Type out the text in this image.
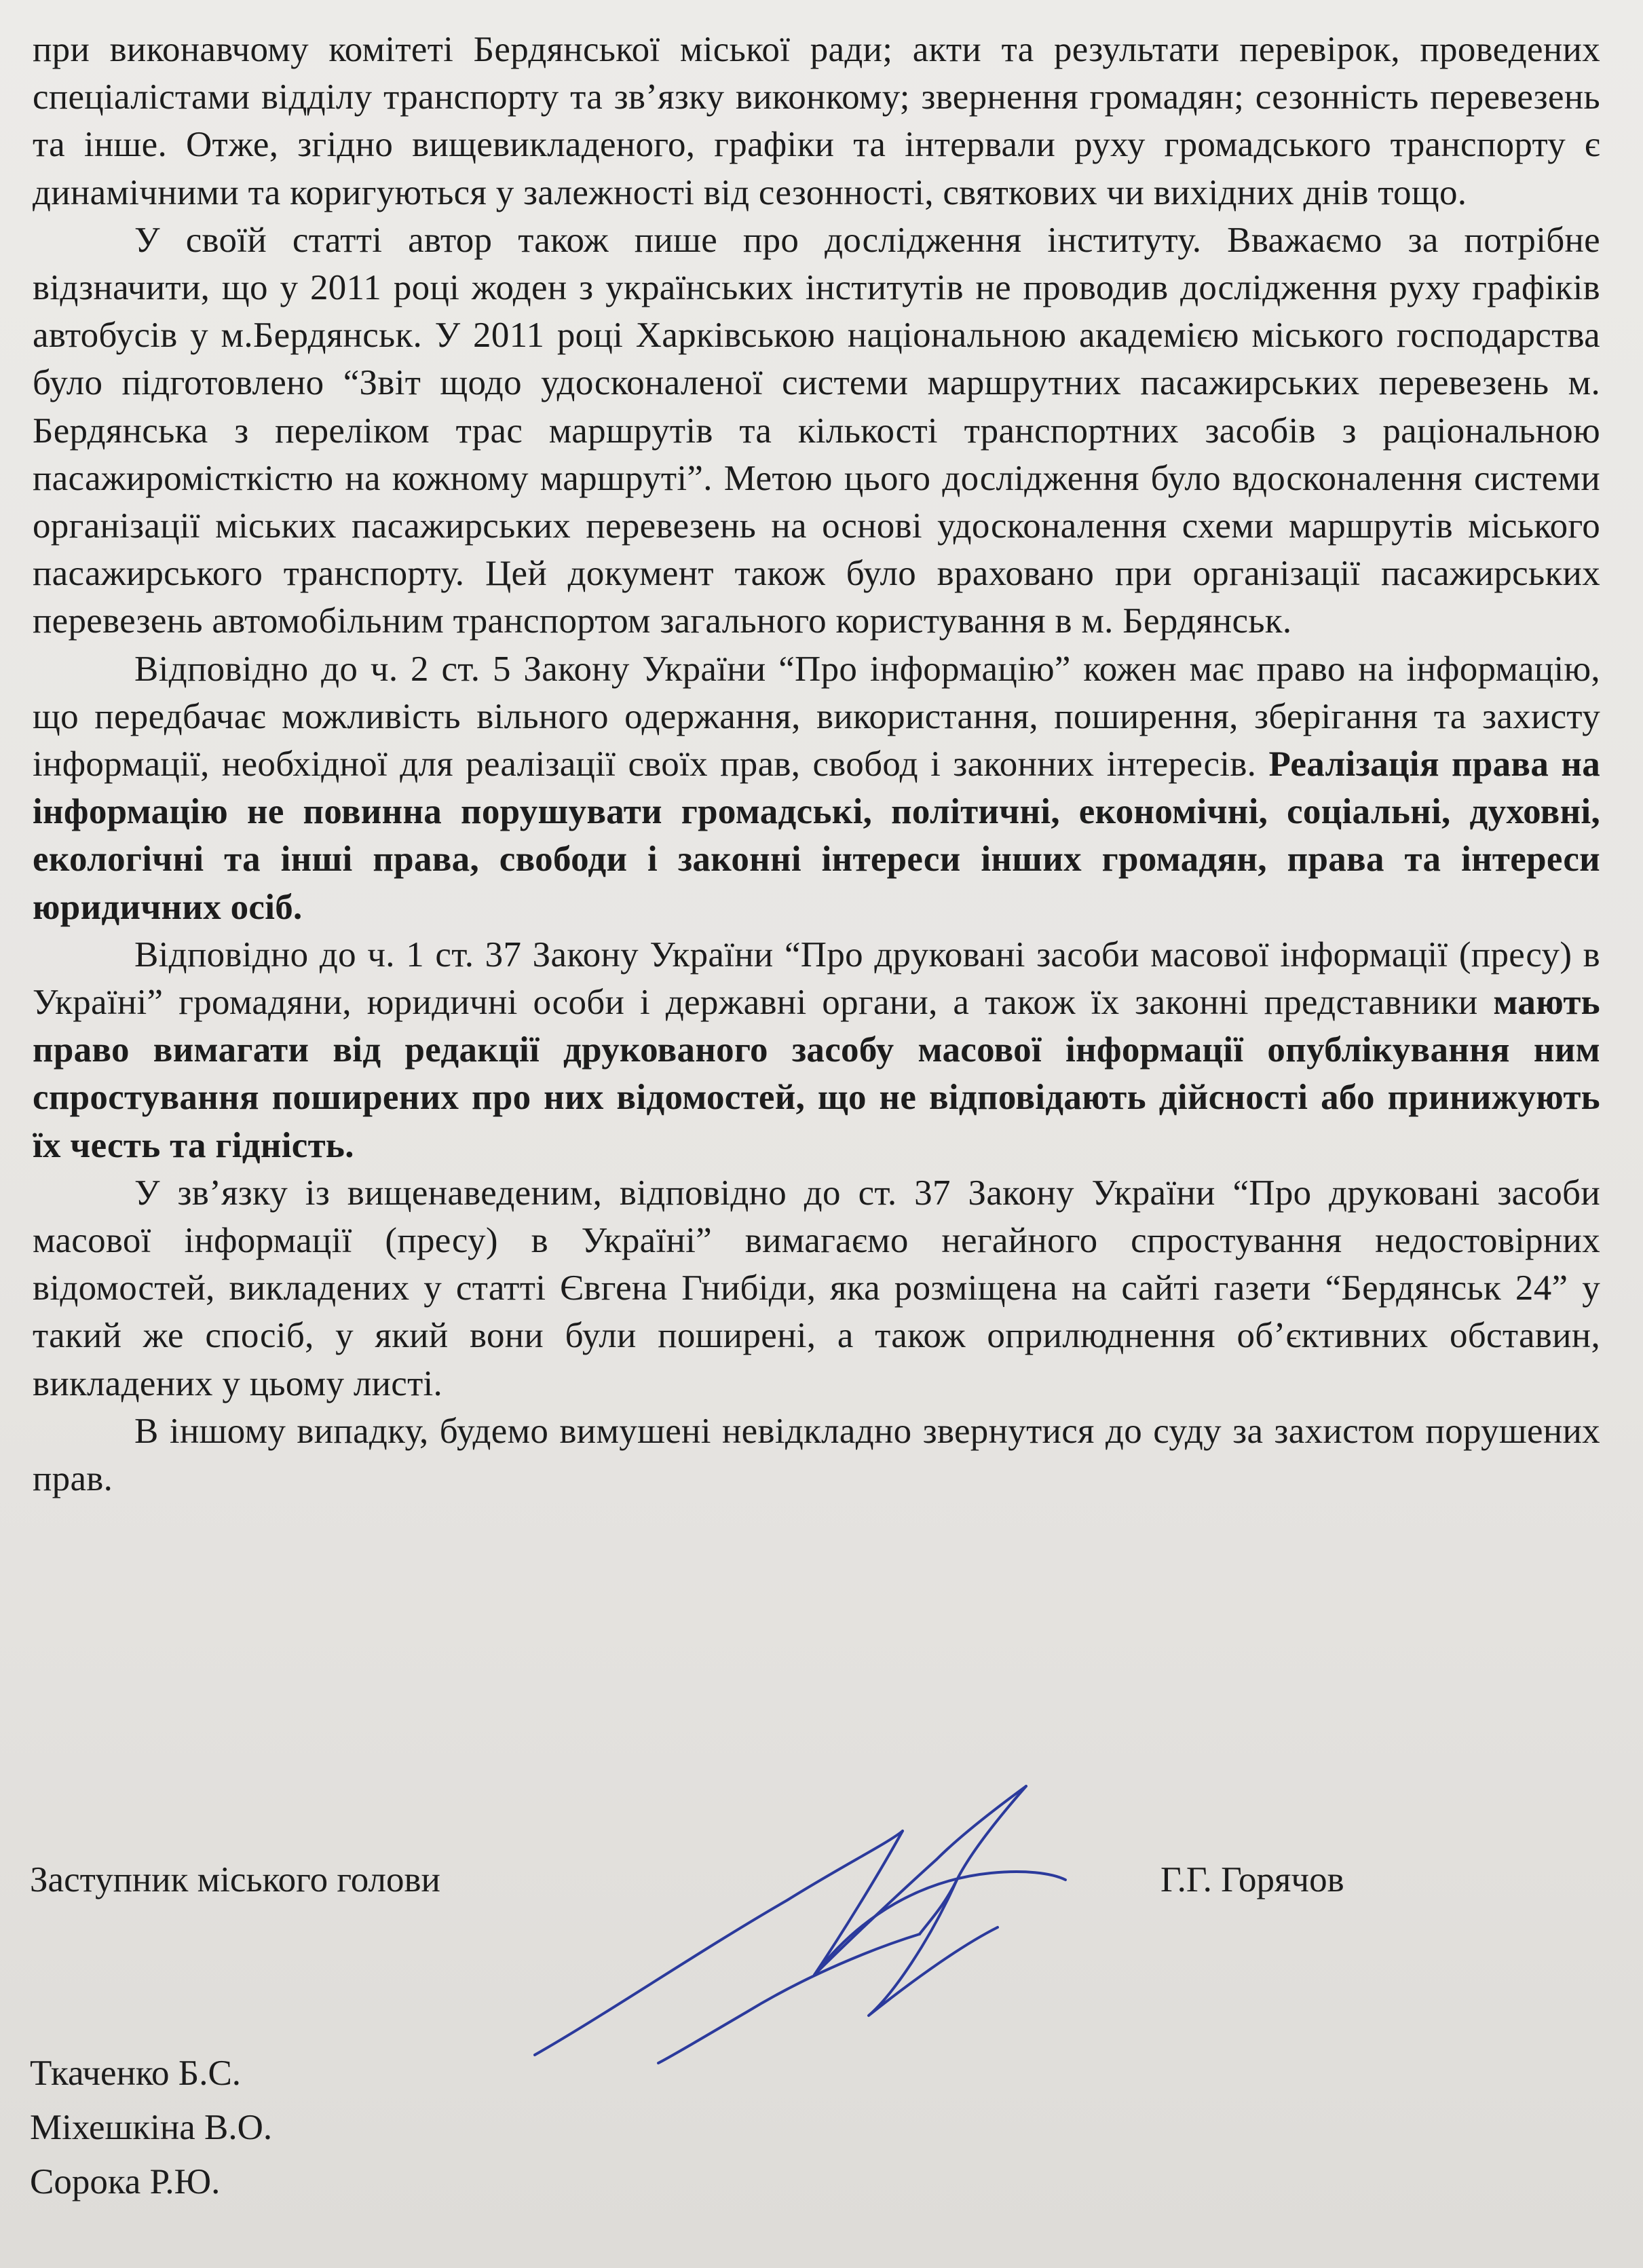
при виконавчому комітеті Бердянської міської ради; акти та результати перевірок, проведених спеціалістами відділу транспорту та зв’язку виконкому; звернення громадян; сезонність перевезень та інше. Отже, згідно вищевикладеного, графіки та інтервали руху громадського транспорту є динамічними та коригуються у залежності від сезонності, святкових чи вихідних днів тощо.

У своїй статті автор також пише про дослідження інституту. Вважаємо за потрібне відзначити, що у 2011 році жоден з українських інститутів не проводив дослідження руху графіків автобусів у м.Бердянськ. У 2011 році Харківською національною академією міського господарства було підготовлено “Звіт щодо удосконаленої системи маршрутних пасажирських перевезень м. Бердянська з переліком трас маршрутів та кількості транспортних засобів з раціональною пасажиромісткістю на кожному маршруті”. Метою цього дослідження було вдосконалення системи організації міських пасажирських перевезень на основі удосконалення схеми маршрутів міського пасажирського транспорту. Цей документ також було враховано при організації пасажирських перевезень автомобільним транспортом загального користування в м. Бердянськ.

Відповідно до ч. 2 ст. 5 Закону України “Про інформацію” кожен має право на інформацію, що передбачає можливість вільного одержання, використання, поширення, зберігання та захисту інформації, необхідної для реалізації своїх прав, свобод і законних інтересів. Реалізація права на інформацію не повинна порушувати громадські, політичні, економічні, соціальні, духовні, екологічні та інші права, свободи і законні інтереси інших громадян, права та інтереси юридичних осіб.

Відповідно до ч. 1 ст. 37 Закону України “Про друковані засоби масової інформації (пресу) в Україні” громадяни, юридичні особи і державні органи, а також їх законні представники мають право вимагати від редакції друкованого засобу масової інформації опублікування ним спростування поширених про них відомостей, що не відповідають дійсності або принижують їх честь та гідність.

У зв’язку із вищенаведеним, відповідно до ст. 37 Закону України “Про друковані засоби масової інформації (пресу) в Україні” вимагаємо негайного спростування недостовірних відомостей, викладених у статті Євгена Гнибіди, яка розміщена на сайті газети “Бердянськ 24” у такий же спосіб, у який вони були поширені, а також оприлюднення об’єктивних обставин, викладених у цьому листі.

В іншому випадку, будемо вимушені невідкладно звернутися до суду за захистом порушених прав.

Заступник міського голови	Г.Г. Горячов
Ткаченко Б.С.
Міхешкіна В.О.
Сорока Р.Ю.
